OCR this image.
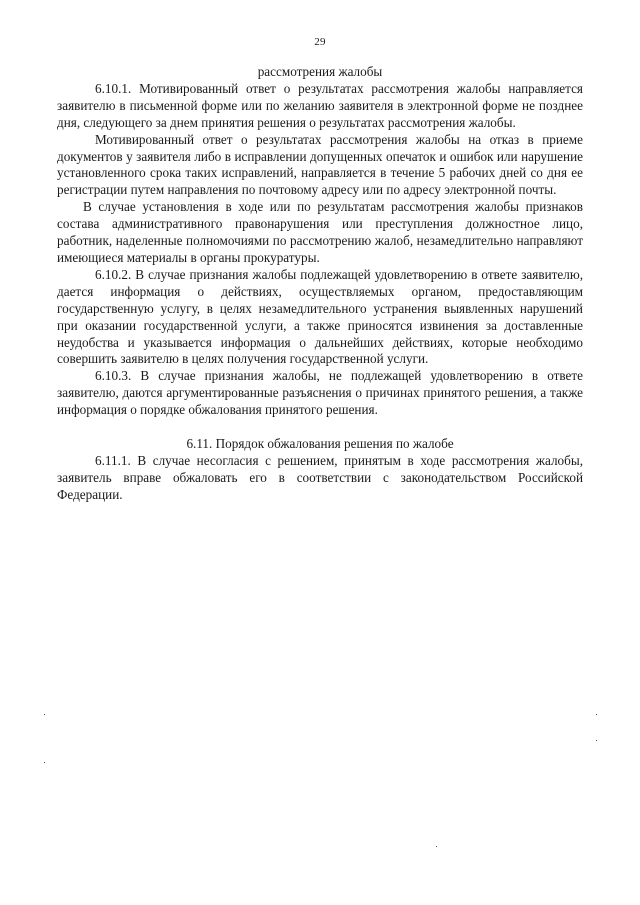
29

рассмотрения жалобы

6.10.1. Мотивированный ответ о результатах рассмотрения жалобы направляется заявителю в письменной форме или по желанию заявителя в электронной форме не позднее дня, следующего за днем принятия решения о результатах рассмотрения жалобы.

Мотивированный ответ о результатах рассмотрения жалобы на отказ в приеме документов у заявителя либо в исправлении допущенных опечаток и ошибок или нарушение установленного срока таких исправлений, направляется в течение 5 рабочих дней со дня ее регистрации путем направления по почтовому адресу или по адресу электронной почты.

В случае установления в ходе или по результатам рассмотрения жалобы признаков состава административного правонарушения или преступления должностное лицо, работник, наделенные полномочиями по рассмотрению жалоб, незамедлительно направляют имеющиеся материалы в органы прокуратуры.

6.10.2. В случае признания жалобы подлежащей удовлетворению в ответе заявителю, дается информация о действиях, осуществляемых органом, предоставляющим государственную услугу, в целях незамедлительного устранения выявленных нарушений при оказании государственной услуги, а также приносятся извинения за доставленные неудобства и указывается информация о дальнейших действиях, которые необходимо совершить заявителю в целях получения государственной услуги.

6.10.3. В случае признания жалобы, не подлежащей удовлетворению в ответе заявителю, даются аргументированные разъяснения о причинах принятого решения, а также информация о порядке обжалования принятого решения.

6.11. Порядок обжалования решения по жалобе

6.11.1. В случае несогласия с решением, принятым в ходе рассмотрения жалобы, заявитель вправе обжаловать его в соответствии с законодательством Российской Федерации.
